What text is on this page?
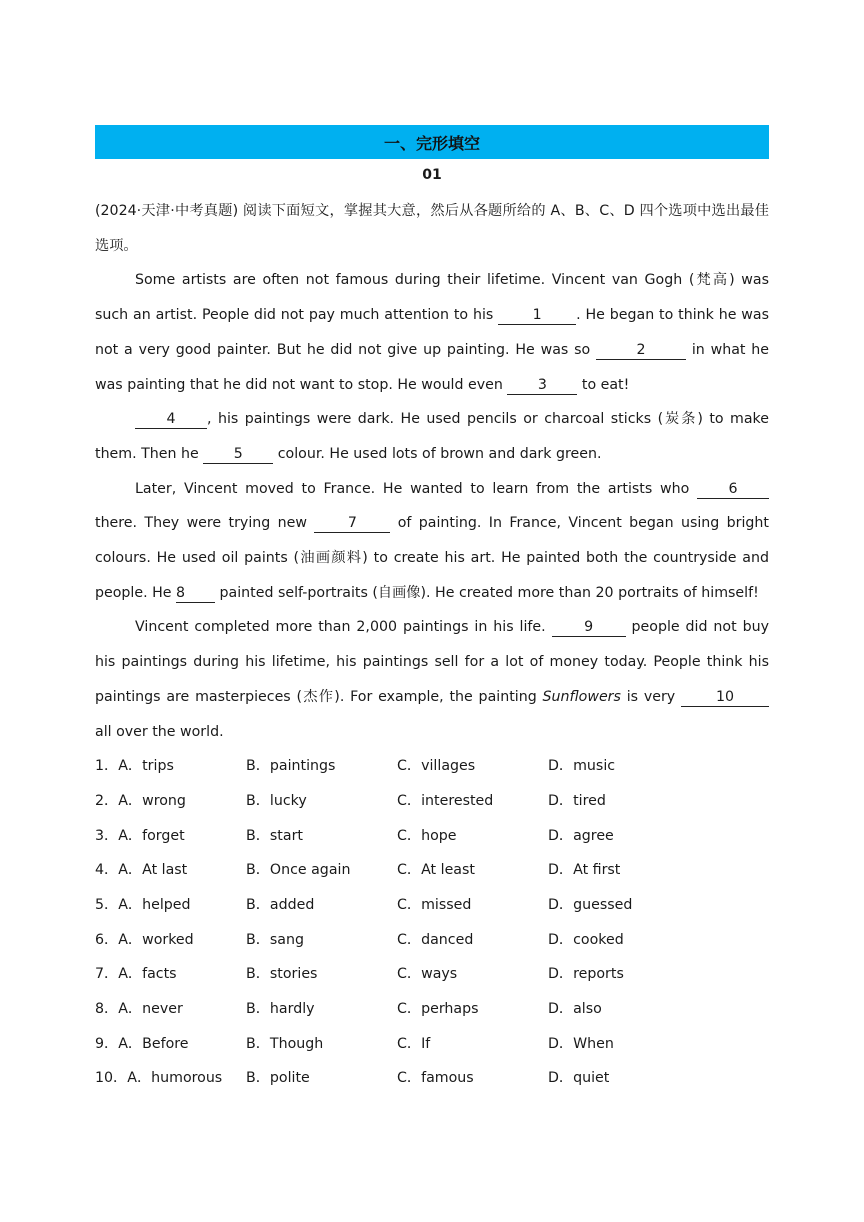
一、完形填空
01

(2024·天津·中考真题) 阅读下面短文，掌握其大意，然后从各题所给的 A、B、C、D 四个选项中选出最佳选项。

Some artists are often not famous during their lifetime. Vincent van Gogh (梵高) was such an artist. People did not pay much attention to his 1 . He began to think he was not a very good painter. But he did not give up painting. He was so	2	in what he was painting that he did not want to stop. He would even 3 to eat!

4 , his paintings were dark. He used pencils or charcoal sticks (炭条) to make them. Then he 5 colour. He used lots of brown and dark green.

Later, Vincent moved to France. He wanted to learn from the artists who 6 there. They were trying new 7 of painting. In France, Vincent began using bright colours. He used oil paints (油画颜料) to create his art. He painted both the countryside and people. He 8 painted self-portraits (自画像). He created more than 20 portraits of himself!

Vincent completed more than 2,000 paintings in his life. 9 people did not buy his paintings during his lifetime, his paintings sell for a lot of money today. People think his paintings are masterpieces (杰作). For example, the painting Sunflowers is very 10 all over the world.

1．A．trips	B．paintings	C．villages	D．music
2．A．wrong	B．lucky	C．interested	D．tired
3．A．forget	B．start	C．hope	D．agree
4．A．At last	B．Once again	C．At least	D．At first
5．A．helped	B．added	C．missed	D．guessed
6．A．worked	B．sang	C．danced	D．cooked
7．A．facts	B．stories	C．ways	D．reports
8．A．never	B．hardly	C．perhaps	D．also
9．A．Before	B．Though	C．If	D．When
10．A．humorous	B．polite	C．famous	D．quiet
